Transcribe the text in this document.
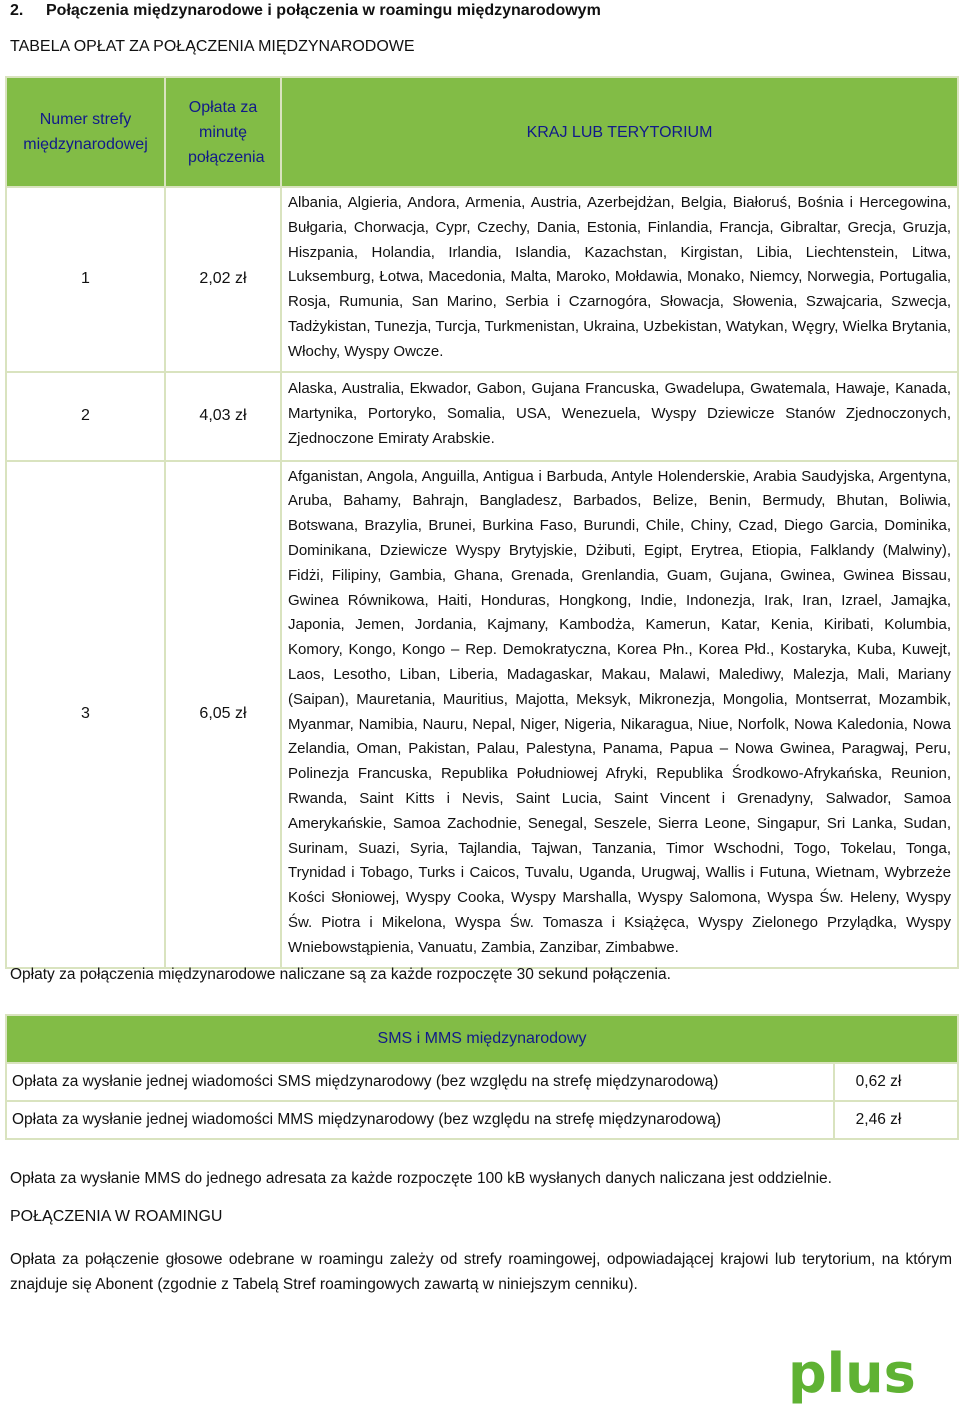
2. Połączenia międzynarodowe i połączenia w roamingu międzynarodowym
TABELA OPŁAT ZA POŁĄCZENIA MIĘDZYNARODOWE
Numer strefy międzynarodowej	Opłata za minutę połączenia	KRAJ LUB TERYTORIUM
1	2,02 zł	Albania, Algieria, Andora, Armenia, Austria, Azerbejdżan, Belgia, Białoruś, Bośnia i Hercegowina, Bułgaria, Chorwacja, Cypr, Czechy, Dania, Estonia, Finlandia, Francja, Gibraltar, Grecja, Gruzja, Hiszpania, Holandia, Irlandia, Islandia, Kazachstan, Kirgistan, Libia, Liechtenstein, Litwa, Luksemburg, Łotwa, Macedonia, Malta, Maroko, Mołdawia, Monako, Niemcy, Norwegia, Portugalia, Rosja, Rumunia, San Marino, Serbia i Czarnogóra, Słowacja, Słowenia, Szwajcaria, Szwecja, Tadżykistan, Tunezja, Turcja, Turkmenistan, Ukraina, Uzbekistan, Watykan, Węgry, Wielka Brytania, Włochy, Wyspy Owcze.
2	4,03 zł	Alaska, Australia, Ekwador, Gabon, Gujana Francuska, Gwadelupa, Gwatemala, Hawaje, Kanada, Martynika, Portoryko, Somalia, USA, Wenezuela, Wyspy Dziewicze Stanów Zjednoczonych, Zjednoczone Emiraty Arabskie.
3	6,05 zł	Afganistan, Angola, Anguilla, Antigua i Barbuda, Antyle Holenderskie, Arabia Saudyjska, Argentyna, Aruba, Bahamy, Bahrajn, Bangladesz, Barbados, Belize, Benin, Bermudy, Bhutan, Boliwia, Botswana, Brazylia, Brunei, Burkina Faso, Burundi, Chile, Chiny, Czad, Diego Garcia, Dominika, Dominikana, Dziewicze Wyspy Brytyjskie, Dżibuti, Egipt, Erytrea, Etiopia, Falklandy (Malwiny), Fidżi, Filipiny, Gambia, Ghana, Grenada, Grenlandia, Guam, Gujana, Gwinea, Gwinea Bissau, Gwinea Równikowa, Haiti, Honduras, Hongkong, Indie, Indonezja, Irak, Iran, Izrael, Jamajka, Japonia, Jemen, Jordania, Kajmany, Kambodża, Kamerun, Katar, Kenia, Kiribati, Kolumbia, Komory, Kongo, Kongo – Rep. Demokratyczna, Korea Płn., Korea Płd., Kostaryka, Kuba, Kuwejt, Laos, Lesotho, Liban, Liberia, Madagaskar, Makau, Malawi, Malediwy, Malezja, Mali, Mariany (Saipan), Mauretania, Mauritius, Majotta, Meksyk, Mikronezja, Mongolia, Montserrat, Mozambik, Myanmar, Namibia, Nauru, Nepal, Niger, Nigeria, Nikaragua, Niue, Norfolk, Nowa Kaledonia, Nowa Zelandia, Oman, Pakistan, Palau, Palestyna, Panama, Papua – Nowa Gwinea, Paragwaj, Peru, Polinezja Francuska, Republika Południowej Afryki, Republika Środkowo-Afrykańska, Reunion, Rwanda, Saint Kitts i Nevis, Saint Lucia, Saint Vincent i Grenadyny, Salwador, Samoa Amerykańskie, Samoa Zachodnie, Senegal, Seszele, Sierra Leone, Singapur, Sri Lanka, Sudan, Surinam, Suazi, Syria, Tajlandia, Tajwan, Tanzania, Timor Wschodni, Togo, Tokelau, Tonga, Trynidad i Tobago, Turks i Caicos, Tuvalu, Uganda, Urugwaj, Wallis i Futuna, Wietnam, Wybrzeże Kości Słoniowej, Wyspy Cooka, Wyspy Marshalla, Wyspy Salomona, Wyspa Św. Heleny, Wyspy Św. Piotra i Mikelona, Wyspa Św. Tomasza i Książęca, Wyspy Zielonego Przylądka, Wyspy Wniebowstąpienia, Vanuatu, Zambia, Zanzibar, Zimbabwe.
Opłaty za połączenia międzynarodowe naliczane są za każde rozpoczęte 30 sekund połączenia.
SMS i MMS międzynarodowy	
Opłata za wysłanie jednej wiadomości SMS międzynarodowy (bez względu na strefę międzynarodową)	0,62 zł
Opłata za wysłanie jednej wiadomości MMS międzynarodowy (bez względu na strefę międzynarodową)	2,46 zł
Opłata za wysłanie MMS do jednego adresata za każde rozpoczęte 100 kB wysłanych danych naliczana jest oddzielnie.
POŁĄCZENIA W ROAMINGU
Opłata za połączenie głosowe odebrane w roamingu zależy od strefy roamingowej, odpowiadającej krajowi lub terytorium, na którym znajduje się Abonent (zgodnie z Tabelą Stref roamingowych zawartą w niniejszym cenniku).
plus
